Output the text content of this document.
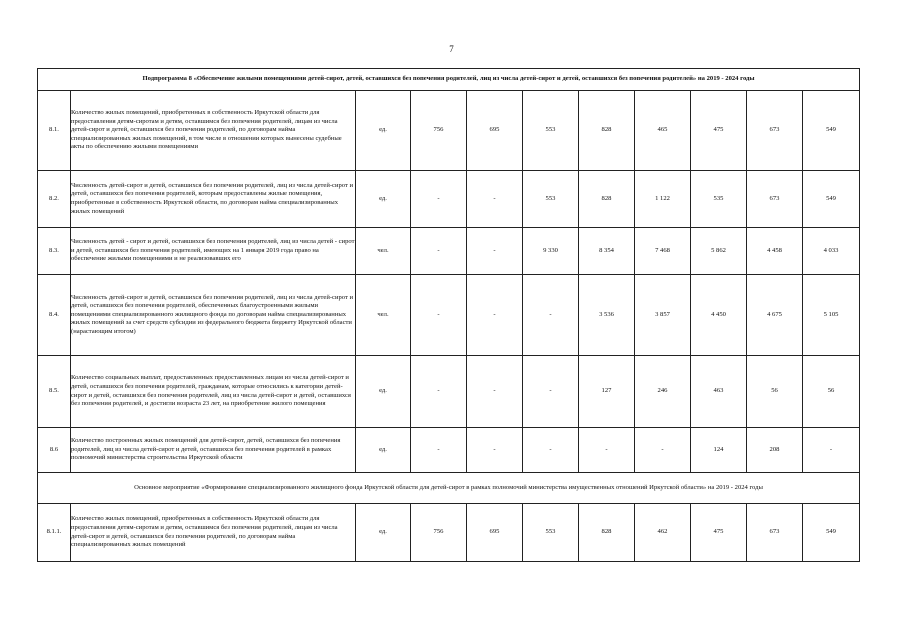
7
Подпрограмма 8 «Обеспечение жилыми помещениями детей-сирот, детей, оставшихся без попечения родителей, лиц из числа детей-сирот и детей, оставшихся без попечения родителей» на 2019 - 2024 годы										
8.1.	Количество жилых помещений, приобретенных в собственность Иркутской области для предоставления детям-сиротам и детям, оставшимся без попечения родителей, лицам из числа детей-сирот и детей, оставшихся без попечения родителей, по договорам найма специализированных жилых помещений, в том числе в отношении которых вынесены судебные акты по обеспечению жилыми помещениями	ед.	756	695	553	828	465	475	673	549
8.2.	Численность детей-сирот и детей, оставшихся без попечения родителей, лиц из числа детей-сирот и детей, оставшихся без попечения родителей, которым предоставлены жилые помещения, приобретенные в собственность Иркутской области, по договорам найма специализированных жилых помещений	ед.	-	-	553	828	1 122	535	673	549
8.3.	Численность детей - сирот и детей, оставшихся без попечения родителей, лиц из числа детей - сирот и детей, оставшихся без попечения родителей, имеющих на 1 января 2019 года право на обеспечение жилыми помещениями и не реализовавших его	чел.	-	-	9 330	8 354	7 468	5 862	4 458	4 033
8.4.	Численность детей-сирот и детей, оставшихся без попечения родителей, лиц из числа детей-сирот и детей, оставшихся без попечения родителей, обеспеченных благоустроенными жилыми помещениями специализированного жилищного фонда по договорам найма специализированных жилых помещений за счет средств субсидии из федерального бюджета бюджету Иркутской области (нарастающим итогом)	чел.	-	-	-	3 536	3 857	4 450	4 675	5 105
8.5.	Количество социальных выплат, предоставленных предоставленных лицам из числа детей-сирот и детей, оставшихся без попечения родителей, гражданам, которые относились к категории детей-сирот и детей, оставшихся без попечения родителей, лиц из числа детей-сирот и детей, оставшихся без попечения родителей, и достигли возраста 23 лет, на приобретение жилого помещения	ед.	-	-	-	127	246	463	56	56
8.6	Количество построенных жилых помещений для детей-сирот, детей, оставшихся без попечения родителей, лиц из числа детей-сирот и детей, оставшихся без попечения родителей в рамках полномочий министерства строительства Иркутской области	ед.	-	-	-	-	-	124	208	-
Основное мероприятие «Формирование специализированного жилищного фонда Иркутской области для детей-сирот в рамках полномочий министерства имущественных отношений Иркутской области» на 2019 - 2024 годы										
8.1.1.	Количество жилых помещений, приобретенных в собственность Иркутской области для предоставления детям-сиротам и детям, оставшимся без попечения родителей, лицам из числа детей-сирот и детей, оставшихся без попечения родителей, по договорам найма специализированных жилых помещений	ед.	756	695	553	828	462	475	673	549
